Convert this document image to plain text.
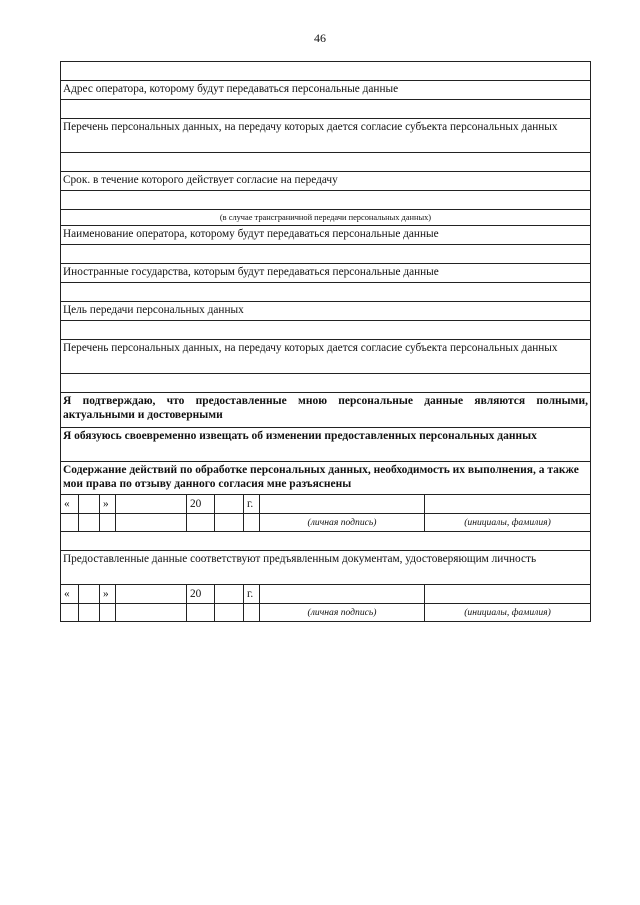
46
Адрес оператора, которому будут передаваться персональные данные
Перечень персональных данных, на передачу которых дается согласие субъекта персональных данных
Срок. в течение которого действует согласие на передачу
(в случае трансграничной передачи персональных данных)
Наименование оператора, которому будут передаваться персональные данные
Иностранные государства, которым будут передаваться персональные данные
Цель передачи персональных данных
Перечень персональных данных, на передачу которых дается согласие субъекта персональных данных
Я подтверждаю, что предоставленные мною персональные данные являются полными, актуальными и достоверными
Я обязуюсь своевременно извещать об изменении предоставленных персональных данных
Содержание действий по обработке персональных данных, необходимость их выполнения, а также мои права по отзыву данного согласия мне разъяснены
«	»	20	г.
(личная подпись)	(инициалы, фамилия)
Предоставленные данные соответствуют предъявленным документам, удостоверяющим личность
«	»	20	г.
(личная подпись)	(инициалы, фамилия)
